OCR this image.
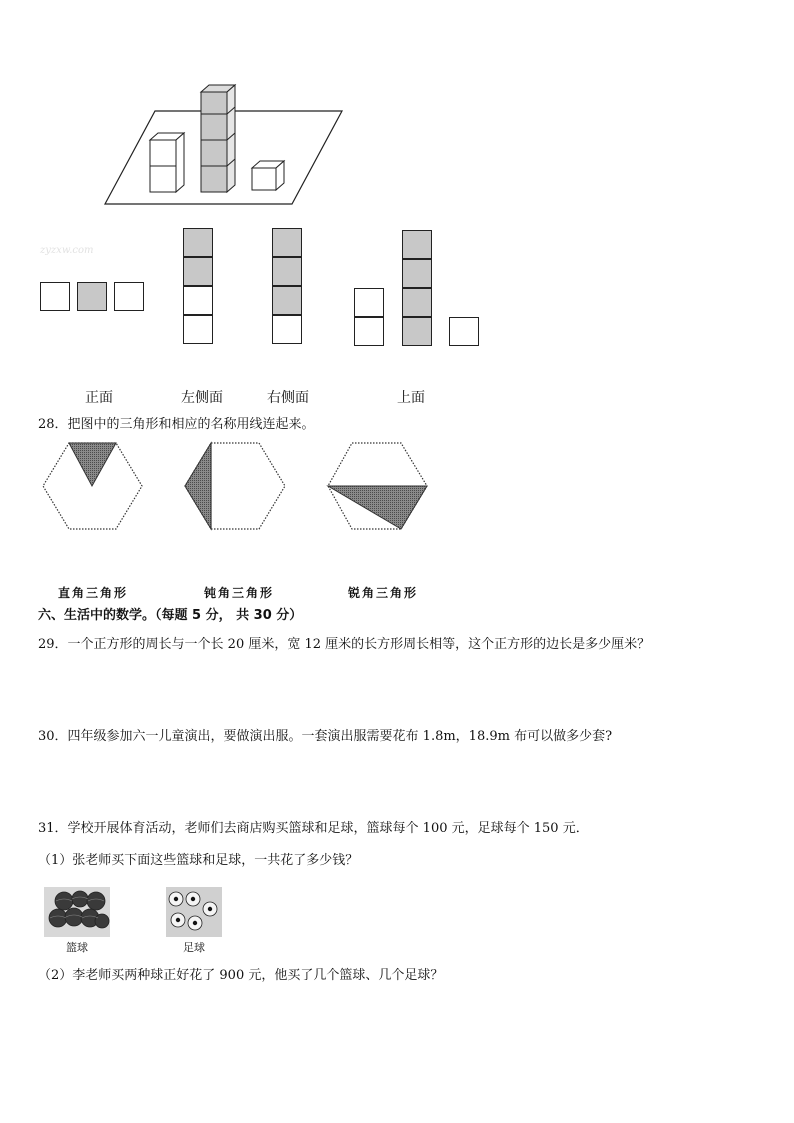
zyzxw.com
正面	左侧面	右侧面	上面
28．把图中的三角形和相应的名称用线连起来。
直角三角形	钝角三角形	锐角三角形
六、生活中的数学。（每题 5 分， 共 30 分）
29．一个正方形的周长与一个长 20 厘米，宽 12 厘米的长方形周长相等，这个正方形的边长是多少厘米？
30．四年级参加六一儿童演出，要做演出服。一套演出服需要花布 1.8m，18.9m 布可以做多少套?
31．学校开展体育活动，老师们去商店购买篮球和足球，篮球每个 100 元，足球每个 150 元．
（1）张老师买下面这些篮球和足球，一共花了多少钱？
篮球	足球
（2）李老师买两种球正好花了 900 元，他买了几个篮球、几个足球？
